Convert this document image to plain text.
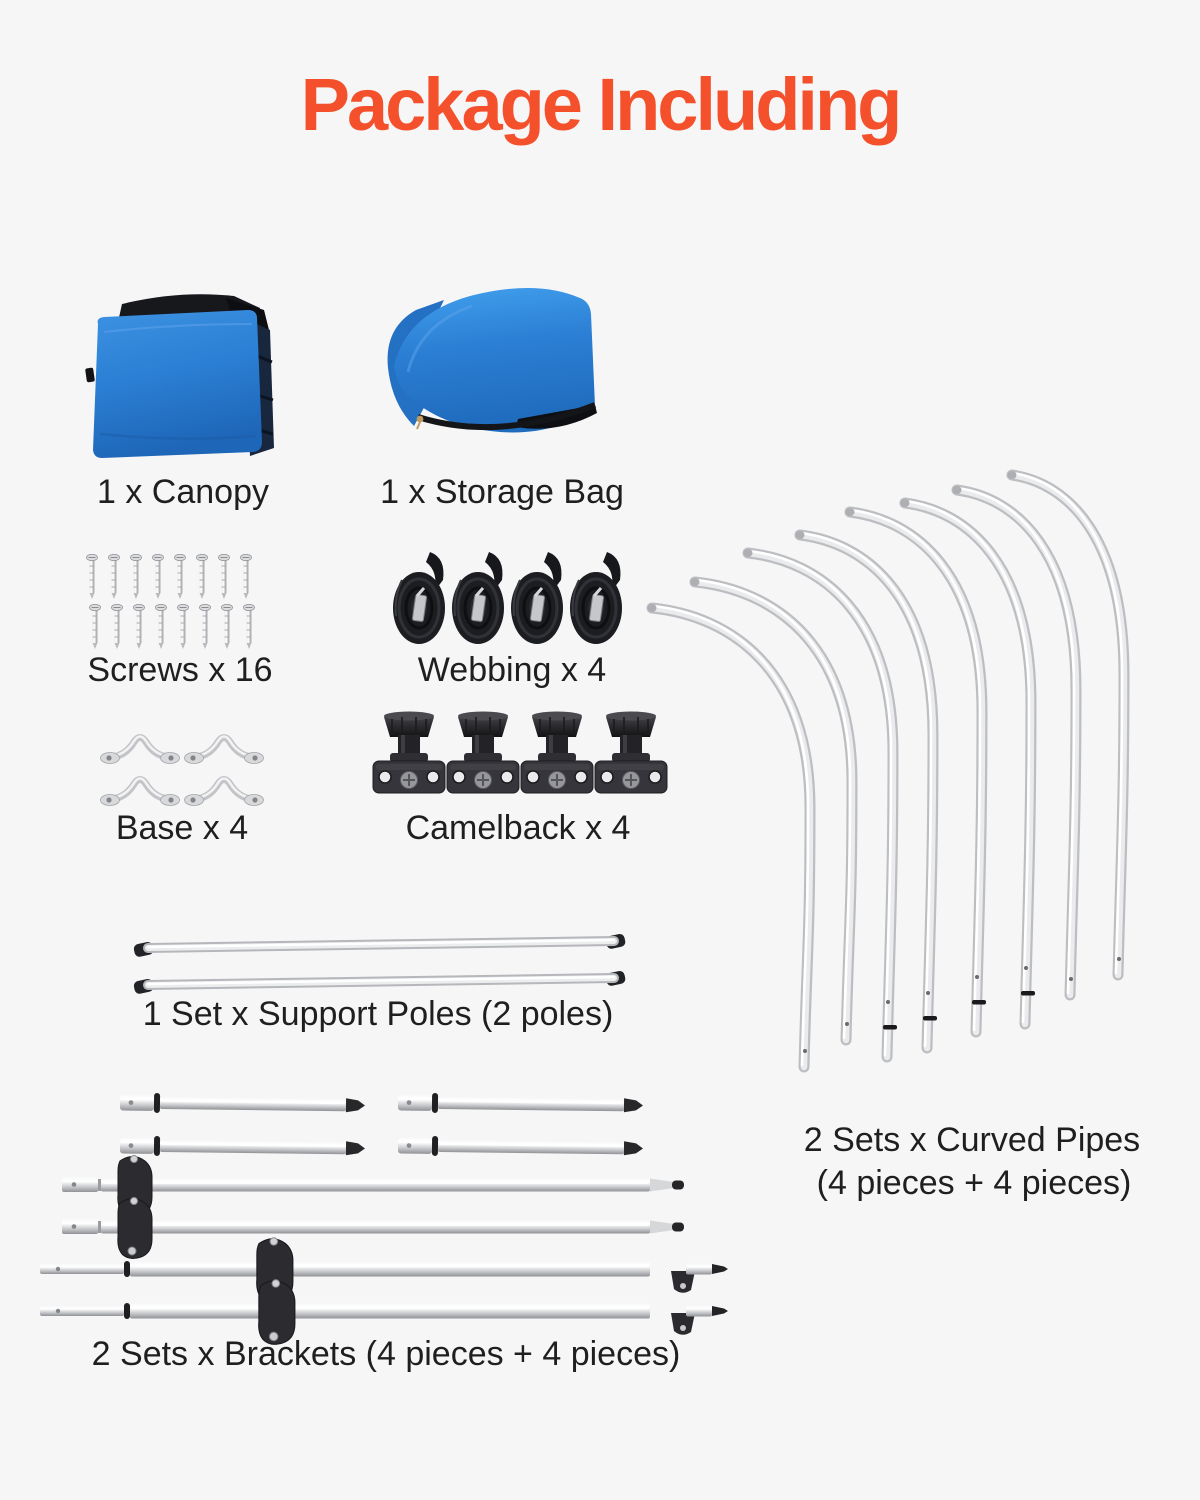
Package Including
1 x Canopy	1 x Storage Bag
Screws x 16	Webbing x 4
Base x 4	Camelback x 4
1 Set x Support Poles (2 poles)
2 Sets x Curved Pipes
(4 pieces + 4 pieces)
2 Sets x Brackets (4 pieces + 4 pieces)
